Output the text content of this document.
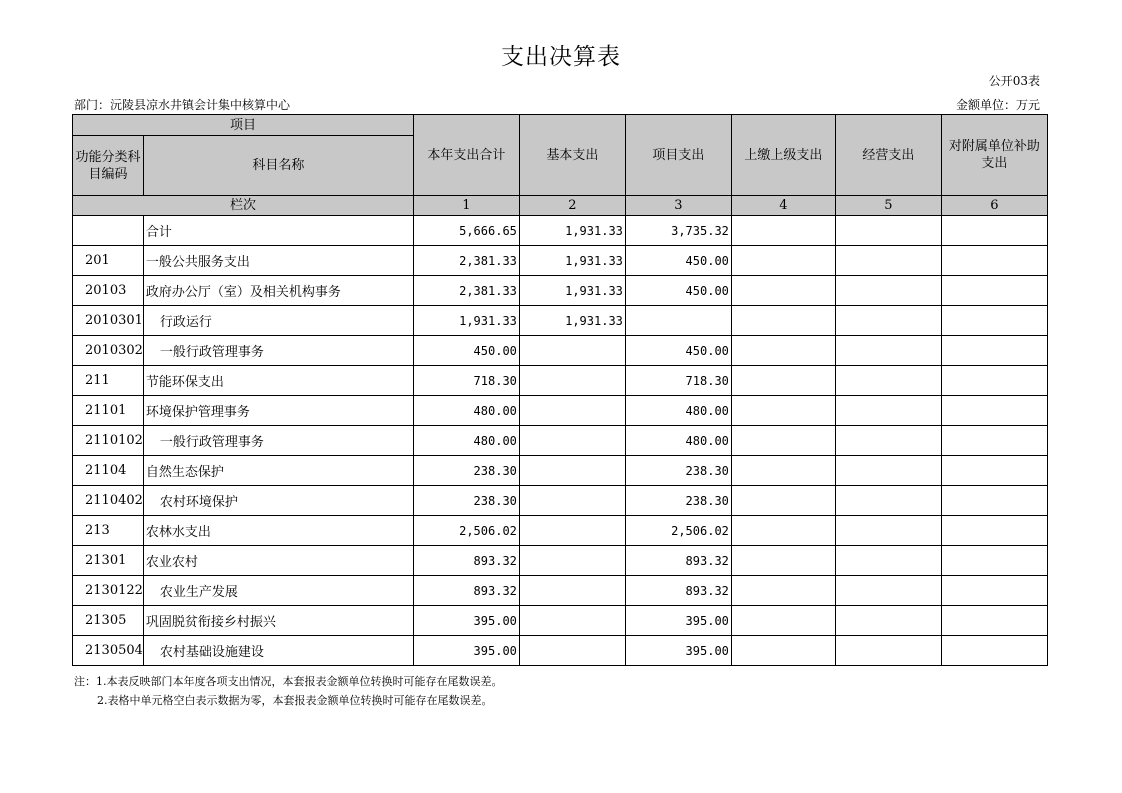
支出决算表
公开03表
部门：沅陵县凉水井镇会计集中核算中心	金额单位：万元
项目		本年支出合计	基本支出	项目支出	上缴上级支出	经营支出	对附属单位补助支出
功能分类科目编码	科目名称						
栏次		1	2	3	4	5	6
	合计	5,666.65	1,931.33	3,735.32			
201	一般公共服务支出	2,381.33	1,931.33	450.00			
20103	政府办公厅（室）及相关机构事务	2,381.33	1,931.33	450.00			
2010301	行政运行	1,931.33	1,931.33				
2010302	一般行政管理事务	450.00		450.00			
211	节能环保支出	718.30		718.30			
21101	环境保护管理事务	480.00		480.00			
2110102	一般行政管理事务	480.00		480.00			
21104	自然生态保护	238.30		238.30			
2110402	农村环境保护	238.30		238.30			
213	农林水支出	2,506.02		2,506.02			
21301	农业农村	893.32		893.32			
2130122	农业生产发展	893.32		893.32			
21305	巩固脱贫衔接乡村振兴	395.00		395.00			
2130504	农村基础设施建设	395.00		395.00			
注：1.本表反映部门本年度各项支出情况，本套报表金额单位转换时可能存在尾数误差。
2.表格中单元格空白表示数据为零，本套报表金额单位转换时可能存在尾数误差。
